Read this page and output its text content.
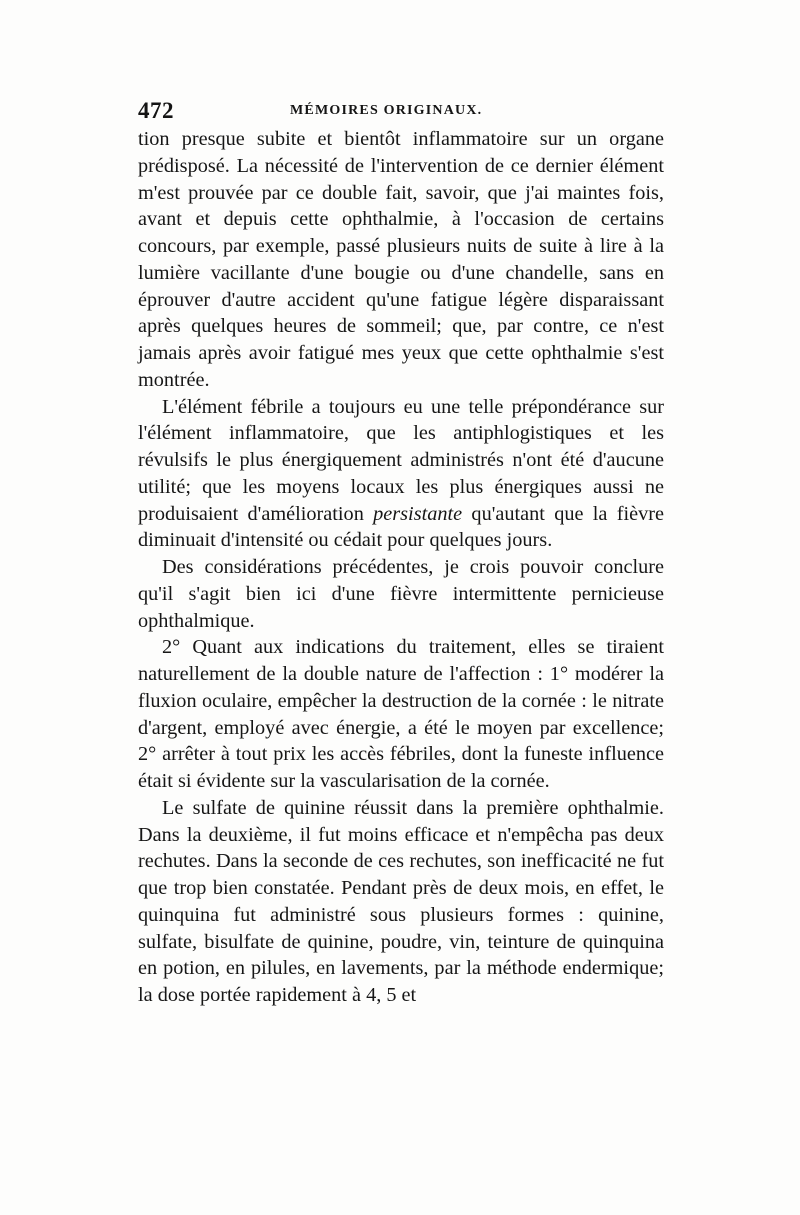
472	MÉMOIRES ORIGINAUX.

tion presque subite et bientôt inflammatoire sur un organe prédisposé. La nécessité de l'intervention de ce dernier élément m'est prouvée par ce double fait, savoir, que j'ai maintes fois, avant et depuis cette ophthalmie, à l'occasion de certains concours, par exemple, passé plusieurs nuits de suite à lire à la lumière vacillante d'une bougie ou d'une chandelle, sans en éprouver d'autre accident qu'une fatigue légère disparaissant après quelques heures de sommeil; que, par contre, ce n'est jamais après avoir fatigué mes yeux que cette ophthalmie s'est montrée.

L'élément fébrile a toujours eu une telle prépondérance sur l'élément inflammatoire, que les antiphlogistiques et les révulsifs le plus énergiquement administrés n'ont été d'aucune utilité; que les moyens locaux les plus énergiques aussi ne produisaient d'amélioration persistante qu'autant que la fièvre diminuait d'intensité ou cédait pour quelques jours.

Des considérations précédentes, je crois pouvoir conclure qu'il s'agit bien ici d'une fièvre intermittente pernicieuse ophthalmique.

2° Quant aux indications du traitement, elles se tiraient naturellement de la double nature de l'affection : 1° modérer la fluxion oculaire, empêcher la destruction de la cornée : le nitrate d'argent, employé avec énergie, a été le moyen par excellence; 2° arrêter à tout prix les accès fébriles, dont la funeste influence était si évidente sur la vascularisation de la cornée.

Le sulfate de quinine réussit dans la première ophthalmie. Dans la deuxième, il fut moins efficace et n'empêcha pas deux rechutes. Dans la seconde de ces rechutes, son inefficacité ne fut que trop bien constatée. Pendant près de deux mois, en effet, le quinquina fut administré sous plusieurs formes : quinine, sulfate, bisulfate de quinine, poudre, vin, teinture de quinquina en potion, en pilules, en lavements, par la méthode endermique; la dose portée rapidement à 4, 5 et
